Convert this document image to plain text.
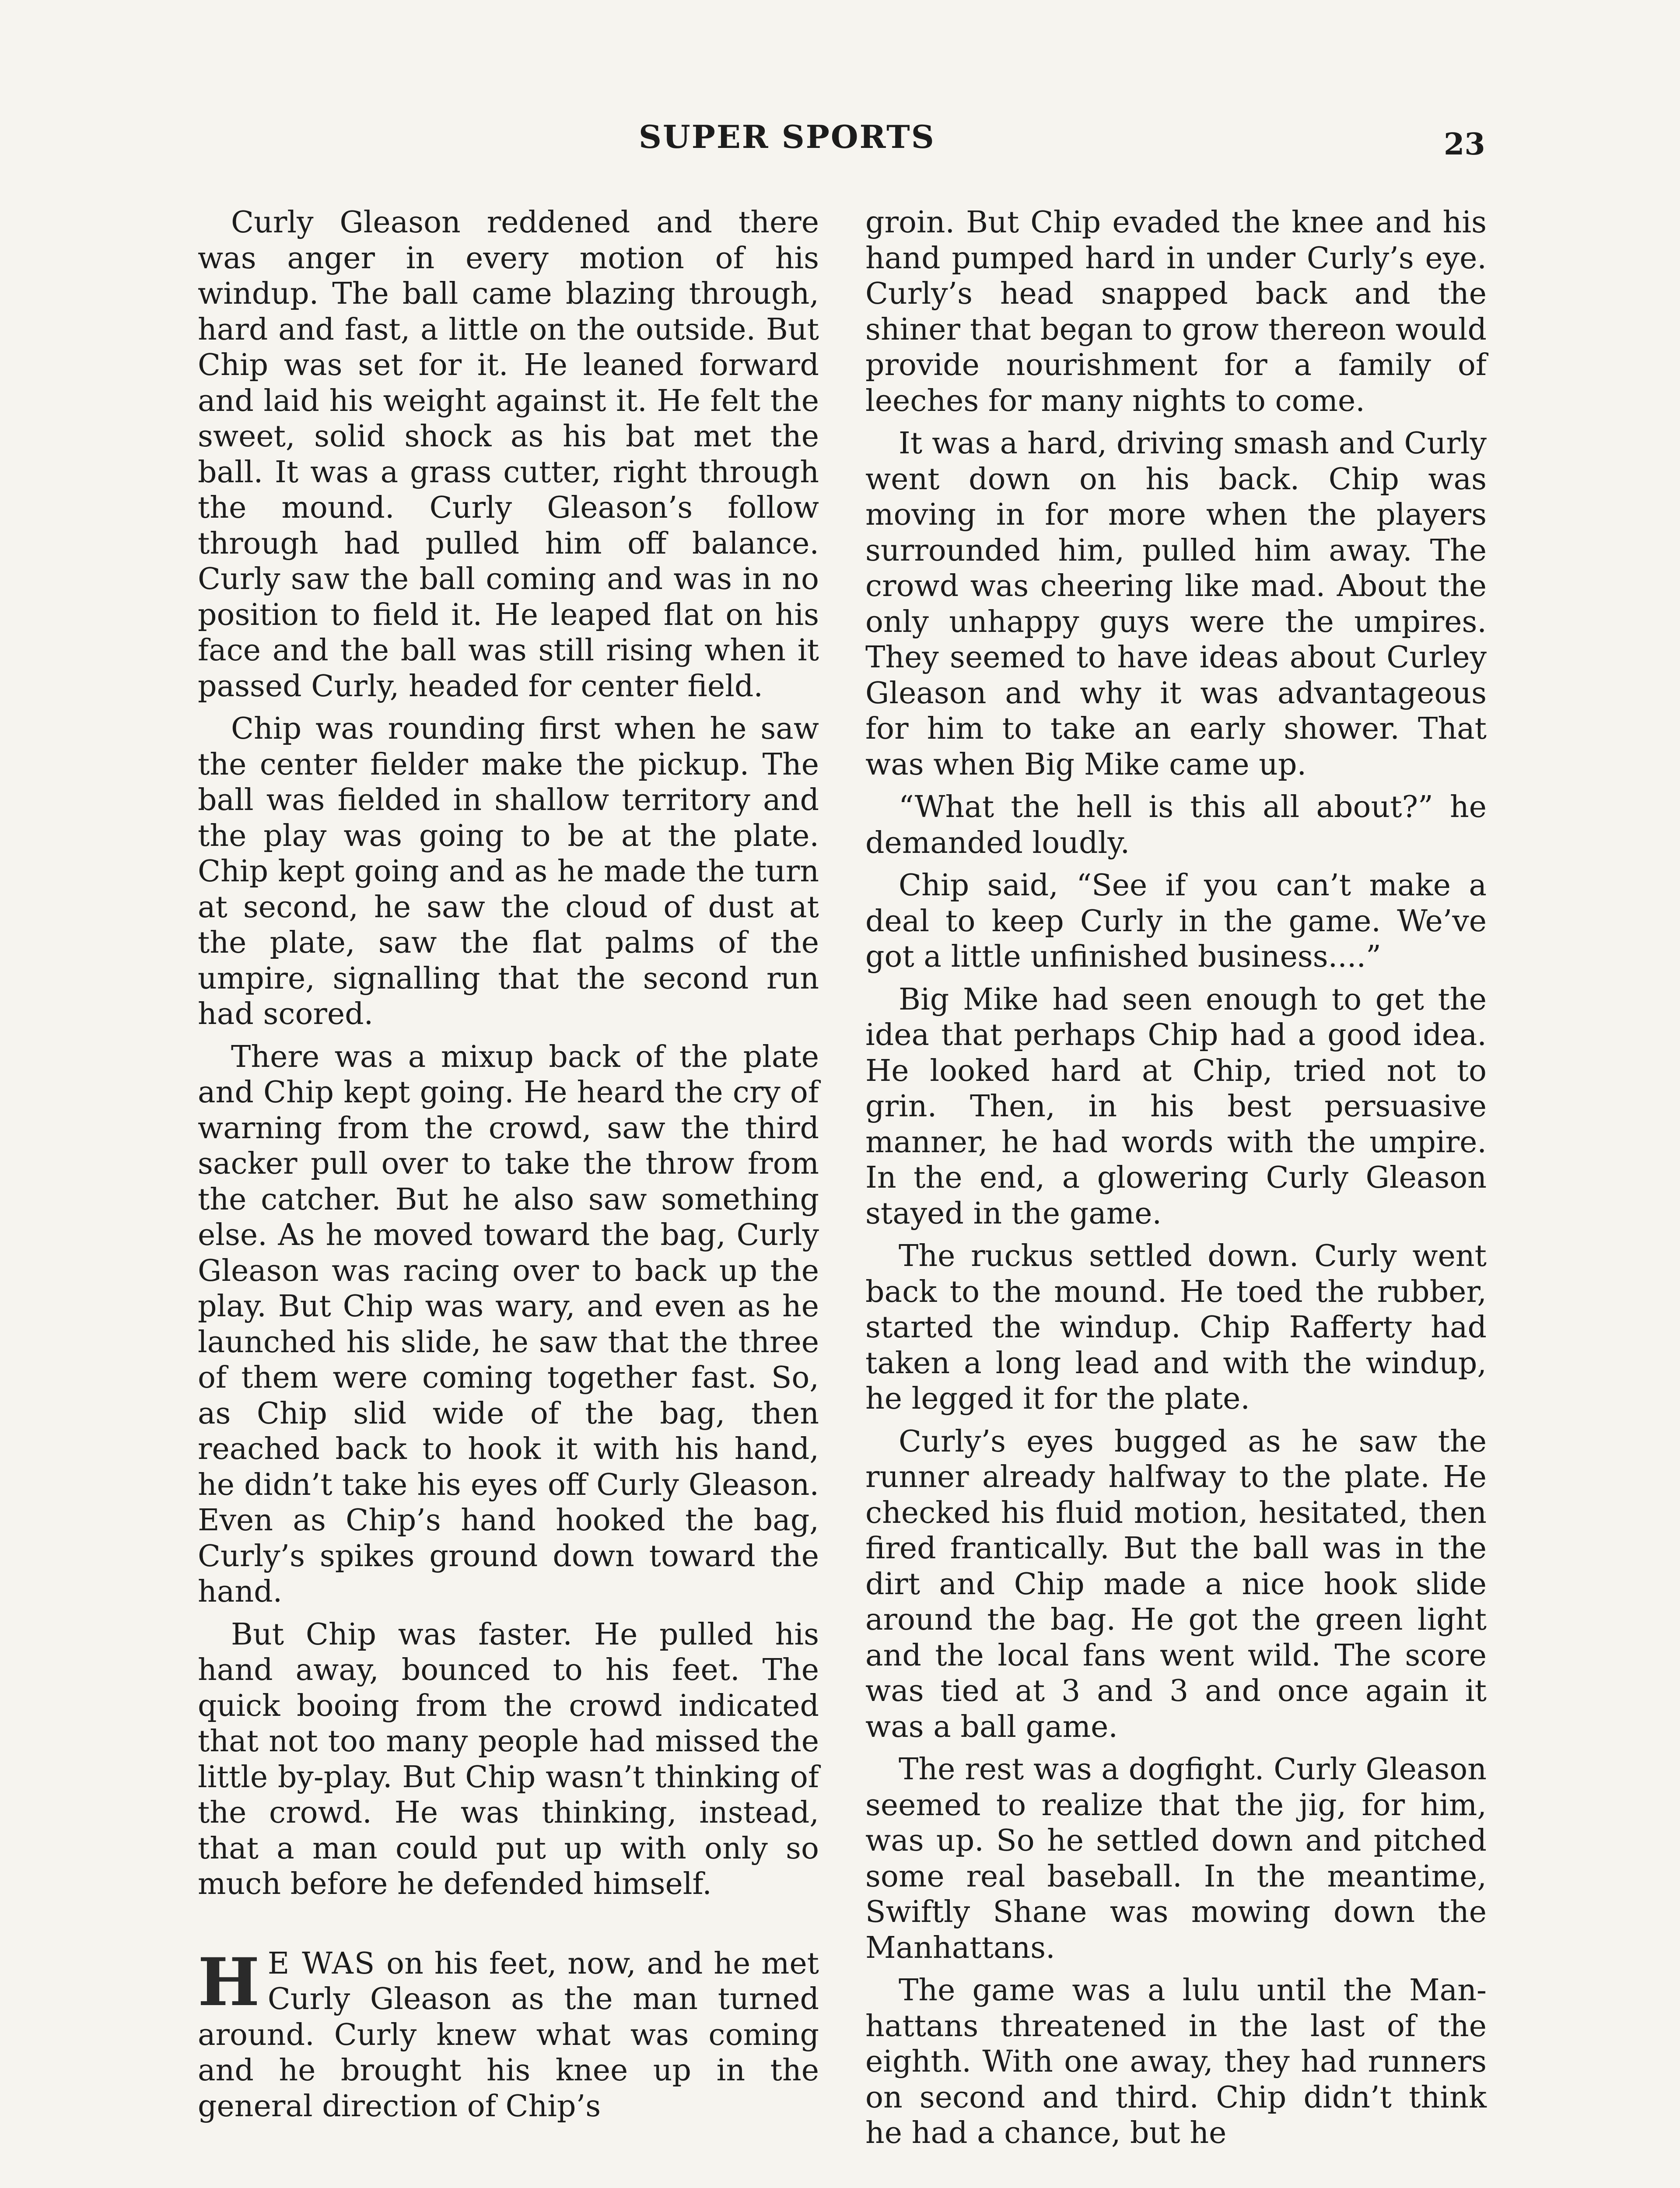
SUPER SPORTS	23

Curly Gleason reddened and there was anger in every motion of his windup. The ball came blazing through, hard and fast, a little on the outside. But Chip was set for it. He leaned forward and laid his weight against it. He felt the sweet, solid shock as his bat met the ball. It was a grass cutter, right through the mound. Curly Gleason’s follow through had pulled him off balance. Curly saw the ball coming and was in no position to field it. He leaped flat on his face and the ball was still rising when it passed Curly, headed for center field.

Chip was rounding first when he saw the center fielder make the pickup. The ball was fielded in shallow territory and the play was going to be at the plate. Chip kept going and as he made the turn at second, he saw the cloud of dust at the plate, saw the flat palms of the umpire, signalling that the second run had scored.

There was a mixup back of the plate and Chip kept going. He heard the cry of warning from the crowd, saw the third sacker pull over to take the throw from the catcher. But he also saw something else. As he moved toward the bag, Curly Gleason was racing over to back up the play. But Chip was wary, and even as he launched his slide, he saw that the three of them were coming together fast. So, as Chip slid wide of the bag, then reached back to hook it with his hand, he didn’t take his eyes off Curly Gleason. Even as Chip’s hand hooked the bag, Curly’s spikes ground down toward the hand.

But Chip was faster. He pulled his hand away, bounced to his feet. The quick booing from the crowd indicated that not too many people had missed the little by-play. But Chip wasn’t thinking of the crowd. He was thinking, instead, that a man could put up with only so much before he defended himself.

H E WAS on his feet, now, and he met Curly Gleason as the man turned around. Curly knew what was coming and he brought his knee up in the general direction of Chip’s

groin. But Chip evaded the knee and his hand pumped hard in under Curly’s eye. Curly’s head snapped back and the shiner that began to grow thereon would provide nourishment for a family of leeches for many nights to come.

It was a hard, driving smash and Curly went down on his back. Chip was moving in for more when the players surrounded him, pulled him away. The crowd was cheering like mad. About the only unhappy guys were the umpires. They seemed to have ideas about Curley Gleason and why it was advantageous for him to take an early shower. That was when Big Mike came up.

“What the hell is this all about?” he demanded loudly.

Chip said, “See if you can’t make a deal to keep Curly in the game. We’ve got a little unfinished business....”

Big Mike had seen enough to get the idea that perhaps Chip had a good idea. He looked hard at Chip, tried not to grin. Then, in his best persuasive manner, he had words with the umpire. In the end, a glowering Curly Gleason stayed in the game.

The ruckus settled down. Curly went back to the mound. He toed the rubber, started the windup. Chip Rafferty had taken a long lead and with the windup, he legged it for the plate.

Curly’s eyes bugged as he saw the runner already halfway to the plate. He checked his fluid motion, hesitated, then fired frantically. But the ball was in the dirt and Chip made a nice hook slide around the bag. He got the green light and the local fans went wild. The score was tied at 3 and 3 and once again it was a ball game.

The rest was a dogfight. Curly Gleason seemed to realize that the jig, for him, was up. So he settled down and pitched some real baseball. In the meantime, Swiftly Shane was mowing down the Manhattans.

The game was a lulu until the Manhattans threatened in the last of the eighth. With one away, they had runners on second and third. Chip didn’t think he had a chance, but he
